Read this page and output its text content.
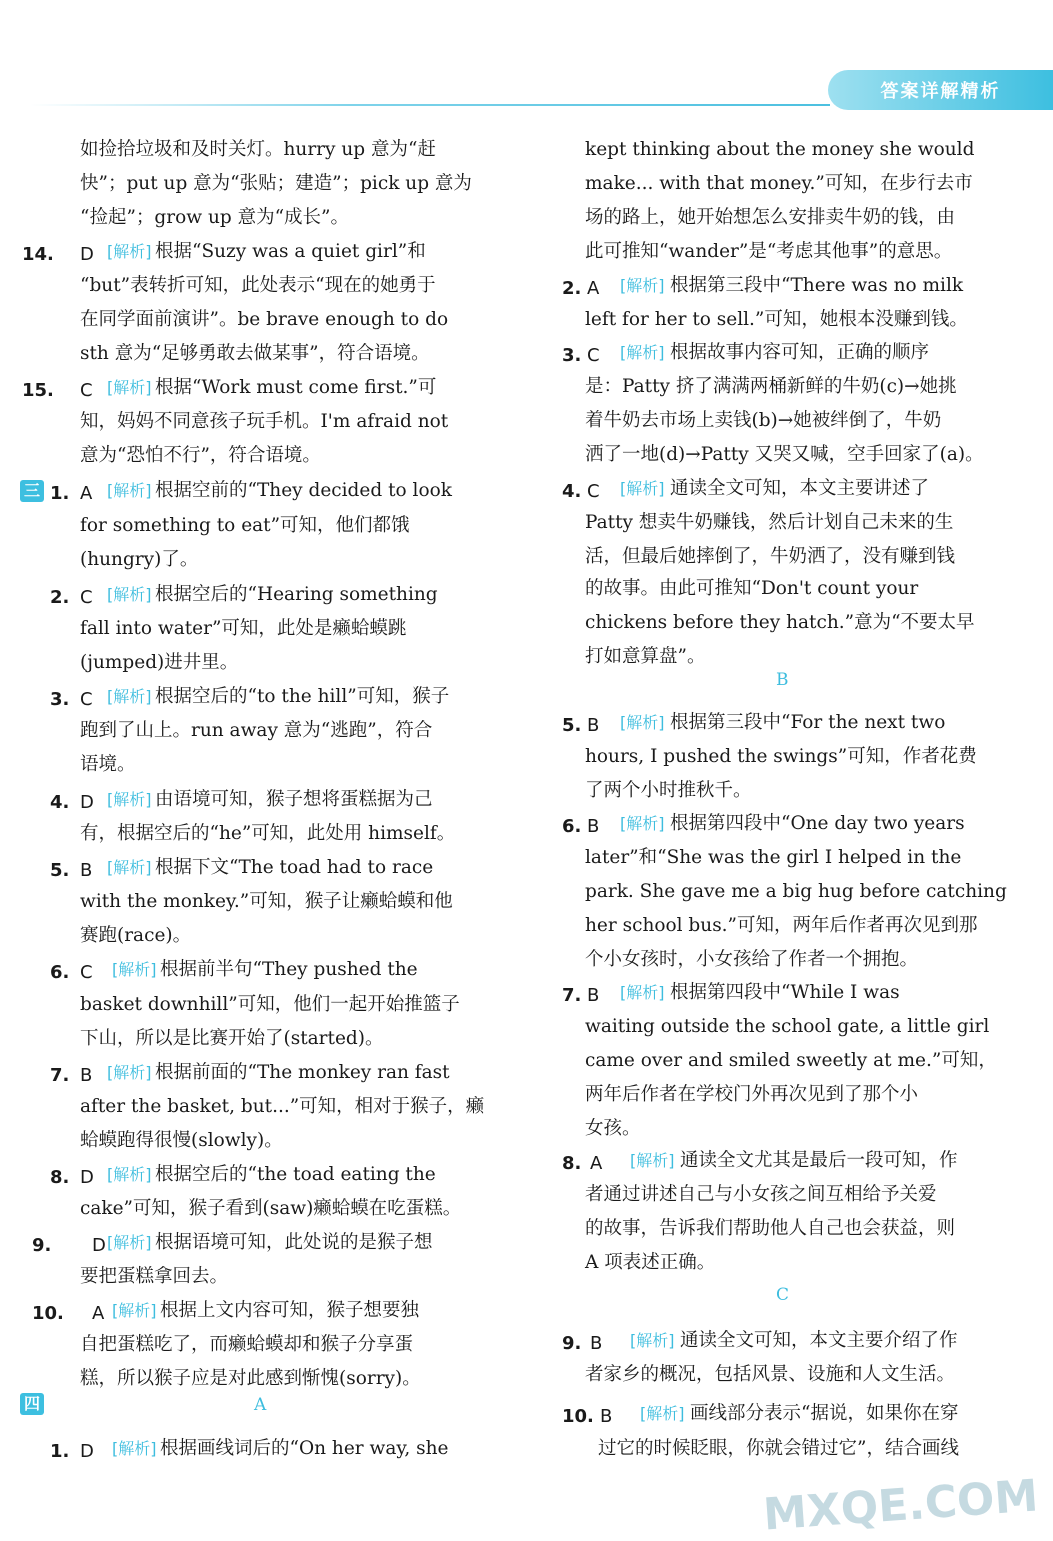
答案详解精析
如捡拾垃圾和及时关灯。hurry up 意为“赶
快”；put up 意为“张贴；建造”；pick up 意为
“捡起”；grow up 意为“成长”。
根据“Suzy was a quiet girl”和
14. D [解析]
“but”表转折可知，此处表示“现在的她勇于
在同学面前演讲”。be brave enough to do
sth 意为“足够勇敢去做某事”，符合语境。
根据“Work must come first.”可
15. C [解析]
知，妈妈不同意孩子玩手机。I'm afraid not
意为“恐怕不行”，符合语境。
根据空前的“They decided to look
1. A [解析]
for something to eat”可知，他们都饿
(hungry)了。
根据空后的“Hearing something
2. C [解析]
fall into water”可知，此处是癞蛤蟆跳
(jumped)进井里。
根据空后的“to the hill”可知，猴子
3. C [解析]
跑到了山上。run away 意为“逃跑”，符合
语境。
由语境可知，猴子想将蛋糕据为己
4. D [解析]
有，根据空后的“he”可知，此处用 himself。
根据下文“The toad had to race
5. B [解析]
with the monkey.”可知，猴子让癞蛤蟆和他
赛跑(race)。
根据前半句“They pushed the
6. C [解析]
basket downhill”可知，他们一起开始推篮子
下山，所以是比赛开始了(started)。
根据前面的“The monkey ran fast
7. B [解析]
after the basket, but...”可知，相对于猴子，癞
蛤蟆跑得很慢(slowly)。
根据空后的“the toad eating the
8. D [解析]
cake”可知，猴子看到(saw)癞蛤蟆在吃蛋糕。
根据语境可知，此处说的是猴子想
9. D [解析]
要把蛋糕拿回去。
根据上文内容可知，猴子想要独
10. A [解析]
自把蛋糕吃了，而癞蛤蟆却和猴子分享蛋
糕，所以猴子应是对此感到惭愧(sorry)。
根据画线词后的“On her way, she
1. D [解析]
三
四	A
kept thinking about the money she would
make... with that money.”可知，在步行去市
场的路上，她开始想怎么安排卖牛奶的钱，由
此可推知“wander”是“考虑其他事”的意思。
根据第三段中“There was no milk
2. A [解析]
left for her to sell.”可知，她根本没赚到钱。
根据故事内容可知，正确的顺序
3. C [解析]
是：Patty 挤了满满两桶新鲜的牛奶(c)→她挑
着牛奶去市场上卖钱(b)→她被绊倒了，牛奶
洒了一地(d)→Patty 又哭又喊，空手回家了(a)。
通读全文可知，本文主要讲述了
4. C [解析]
Patty 想卖牛奶赚钱，然后计划自己未来的生
活，但最后她摔倒了，牛奶洒了，没有赚到钱
的故事。由此可推知“Don't count your
chickens before they hatch.”意为“不要太早
打如意算盘”。
根据第三段中“For the next two
5. B [解析]
hours, I pushed the swings”可知，作者花费
了两个小时推秋千。
根据第四段中“One day two years
6. B [解析]
later”和“She was the girl I helped in the
park. She gave me a big hug before catching
her school bus.”可知，两年后作者再次见到那
个小女孩时，小女孩给了作者一个拥抱。
根据第四段中“While I was
7. B [解析]
waiting outside the school gate, a little girl
came over and smiled sweetly at me.”可知，
两年后作者在学校门外再次见到了那个小
女孩。
通读全文尤其是最后一段可知，作
8. A [解析]
者通过讲述自己与小女孩之间互相给予关爱
的故事，告诉我们帮助他人自己也会获益，则
A 项表述正确。
通读全文可知，本文主要介绍了作
9. B [解析]
者家乡的概况，包括风景、设施和人文生活。
画线部分表示“据说，如果你在穿
10. B [解析]
过它的时候眨眼，你就会错过它”，结合画线
B
C
MXQE.COM
